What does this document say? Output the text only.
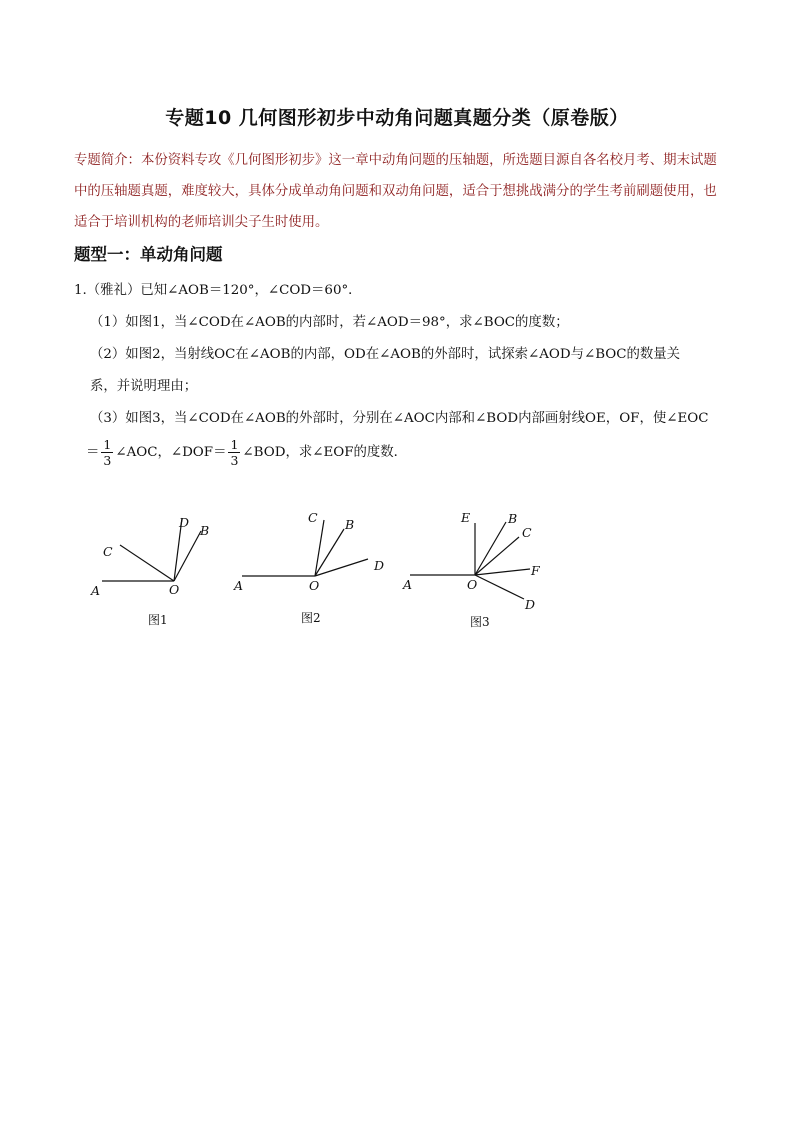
专题10 几何图形初步中动角问题真题分类（原卷版）
专题简介：本份资料专攻《几何图形初步》这一章中动角问题的压轴题，所选题目源自各名校月考、期末试题中的压轴题真题，难度较大，具体分成单动角问题和双动角问题，适合于想挑战满分的学生考前刷题使用，也适合于培训机构的老师培训尖子生时使用。
题型一：单动角问题
1.（雅礼）已知∠AOB＝120°，∠COD＝60°．
（1）如图1，当∠COD在∠AOB的内部时，若∠AOD＝98°，求∠BOC的度数；
（2）如图2，当射线OC在∠AOB的内部，OD在∠AOB的外部时，试探索∠AOD与∠BOC的数量关
系，并说明理由；
（3）如图3，当∠COD在∠AOB的外部时，分别在∠AOC内部和∠BOD内部画射线OE，OF，使∠EOC
＝ $\frac{1}{3}$ ∠AOC，∠DOF＝ $\frac{1}{3}$ ∠BOD，求∠EOF的度数．
A	O
C
D
B
图1
A	O
C B
D
图2
A	O
E	B
C
F
D
图3
